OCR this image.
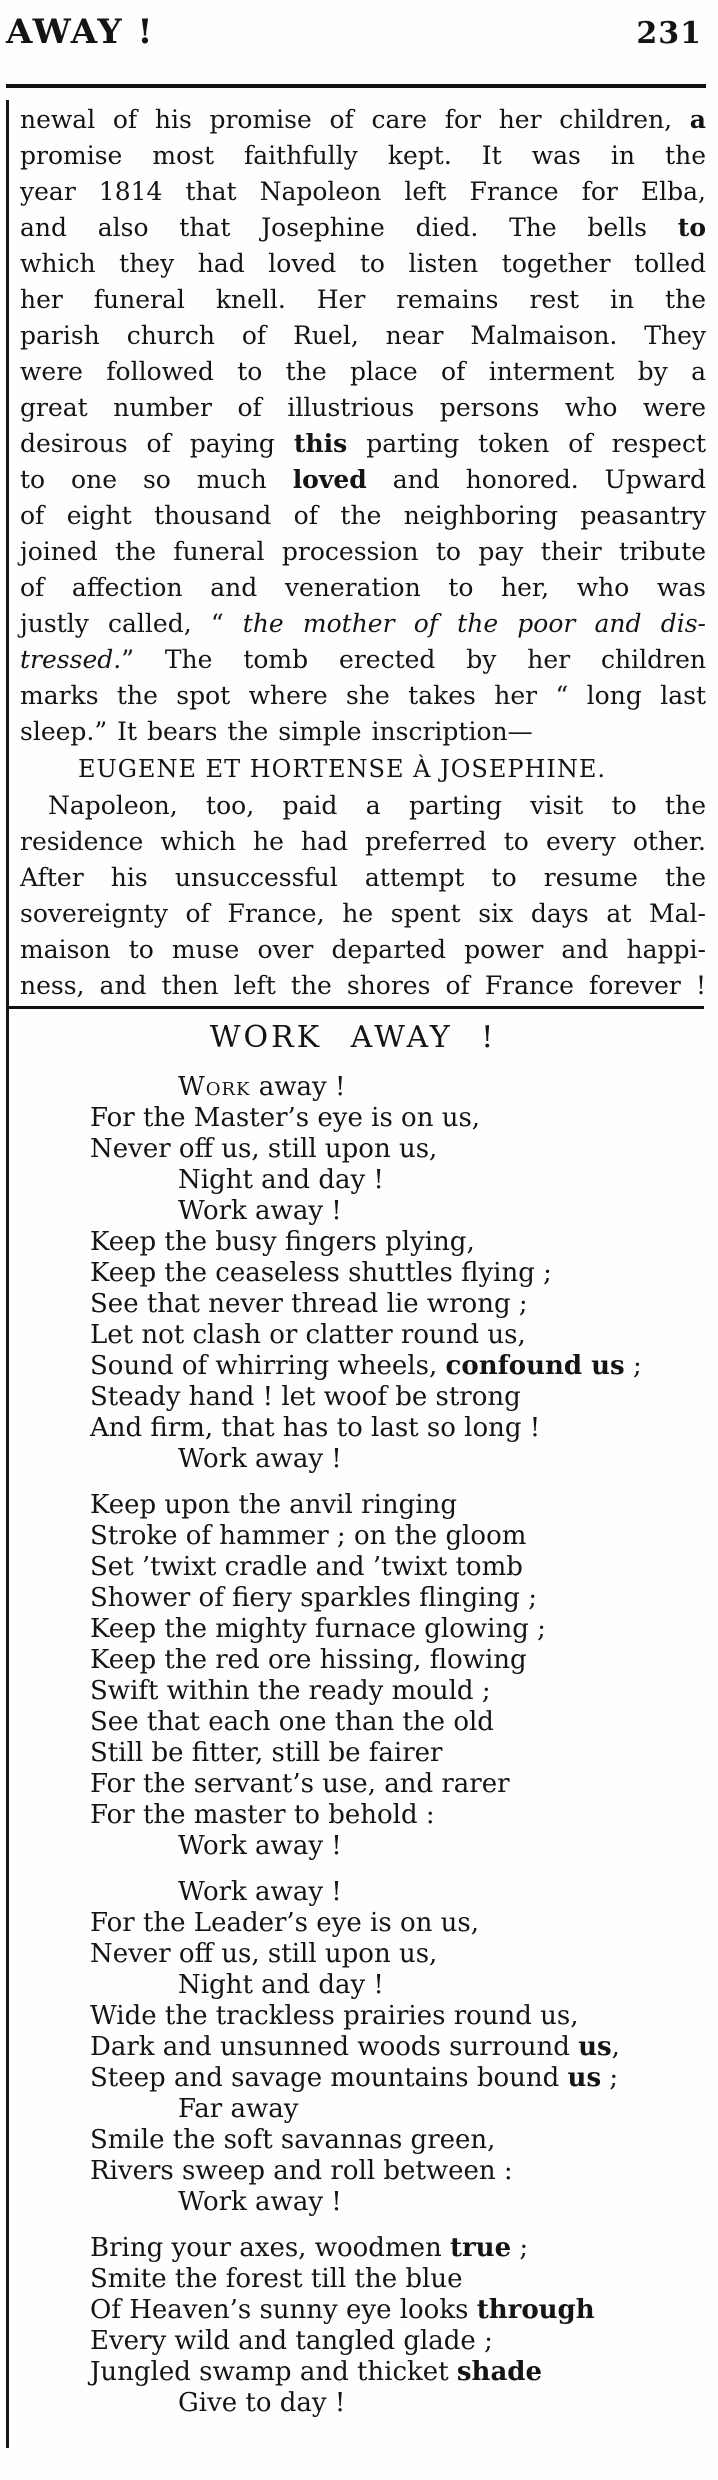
AWAY !	231
newal of his promise of care for her children, a
promise most faithfully kept. It was in the
year 1814 that Napoleon left France for Elba,
and also that Josephine died. The bells to
which they had loved to listen together tolled
her funeral knell. Her remains rest in the
parish church of Ruel, near Malmaison. They
were followed to the place of interment by a
great number of illustrious persons who were
desirous of paying this parting token of respect
to one so much loved and honored. Upward
of eight thousand of the neighboring peasantry
joined the funeral procession to pay their tribute
of affection and veneration to her, who was
justly called, “ the mother of the poor and dis-
tressed.” The tomb erected by her children
marks the spot where she takes her “ long last
sleep.” It bears the simple inscription—
EUGENE ET HORTENSE À JOSEPHINE.
Napoleon, too, paid a parting visit to the
residence which he had preferred to every other.
After his unsuccessful attempt to resume the
sovereignty of France, he spent six days at Mal-
maison to muse over departed power and happi-
ness, and then left the shores of France forever !
WORK AWAY !
Work away !
For the Master’s eye is on us,
Never off us, still upon us,
Night and day !
Work away !
Keep the busy fingers plying,
Keep the ceaseless shuttles flying ;
See that never thread lie wrong ;
Let not clash or clatter round us,
Sound of whirring wheels, confound us ;
Steady hand ! let woof be strong
And firm, that has to last so long !
Work away !
Keep upon the anvil ringing
Stroke of hammer ; on the gloom
Set ’twixt cradle and ’twixt tomb
Shower of fiery sparkles flinging ;
Keep the mighty furnace glowing ;
Keep the red ore hissing, flowing
Swift within the ready mould ;
See that each one than the old
Still be fitter, still be fairer
For the servant’s use, and rarer
For the master to behold :
Work away !
Work away !
For the Leader’s eye is on us,
Never off us, still upon us,
Night and day !
Wide the trackless prairies round us,
Dark and unsunned woods surround us,
Steep and savage mountains bound us ;
Far away
Smile the soft savannas green,
Rivers sweep and roll between :
Work away !
Bring your axes, woodmen true ;
Smite the forest till the blue
Of Heaven’s sunny eye looks through
Every wild and tangled glade ;
Jungled swamp and thicket shade
Give to day !
